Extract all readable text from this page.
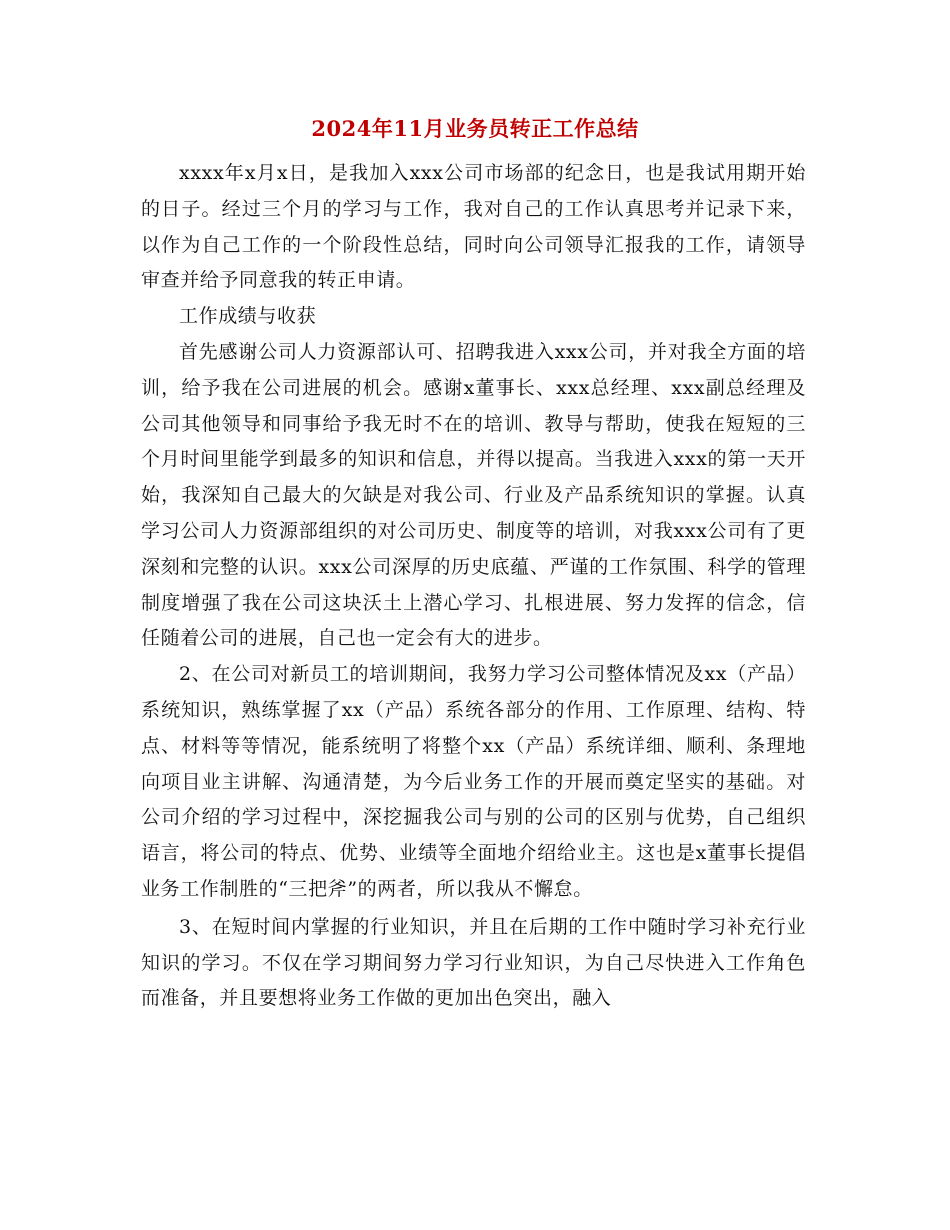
2024年11月业务员转正工作总结

xxxx年x月x日，是我加入xxx公司市场部的纪念日，也是我试用期开始的日子。经过三个月的学习与工作，我对自己的工作认真思考并记录下来，以作为自己工作的一个阶段性总结，同时向公司领导汇报我的工作，请领导审查并给予同意我的转正申请。

工作成绩与收获

首先感谢公司人力资源部认可、招聘我进入xxx公司，并对我全方面的培训，给予我在公司进展的机会。感谢x董事长、xxx总经理、xxx副总经理及公司其他领导和同事给予我无时不在的培训、教导与帮助，使我在短短的三个月时间里能学到最多的知识和信息，并得以提高。当我进入xxx的第一天开始，我深知自己最大的欠缺是对我公司、行业及产品系统知识的掌握。认真学习公司人力资源部组织的对公司历史、制度等的培训，对我xxx公司有了更深刻和完整的认识。xxx公司深厚的历史底蕴、严谨的工作氛围、科学的管理制度增强了我在公司这块沃土上潜心学习、扎根进展、努力发挥的信念，信任随着公司的进展，自己也一定会有大的进步。

2、在公司对新员工的培训期间，我努力学习公司整体情况及xx（产品）系统知识，熟练掌握了xx（产品）系统各部分的作用、工作原理、结构、特点、材料等等情况，能系统明了将整个xx（产品）系统详细、顺利、条理地向项目业主讲解、沟通清楚，为今后业务工作的开展而奠定坚实的基础。对公司介绍的学习过程中，深挖掘我公司与别的公司的区别与优势，自己组织语言，将公司的特点、优势、业绩等全面地介绍给业主。这也是x董事长提倡业务工作制胜的“三把斧”的两者，所以我从不懈怠。

3、在短时间内掌握的行业知识，并且在后期的工作中随时学习补充行业知识的学习。不仅在学习期间努力学习行业知识，为自己尽快进入工作角色而准备，并且要想将业务工作做的更加出色突出，融入
